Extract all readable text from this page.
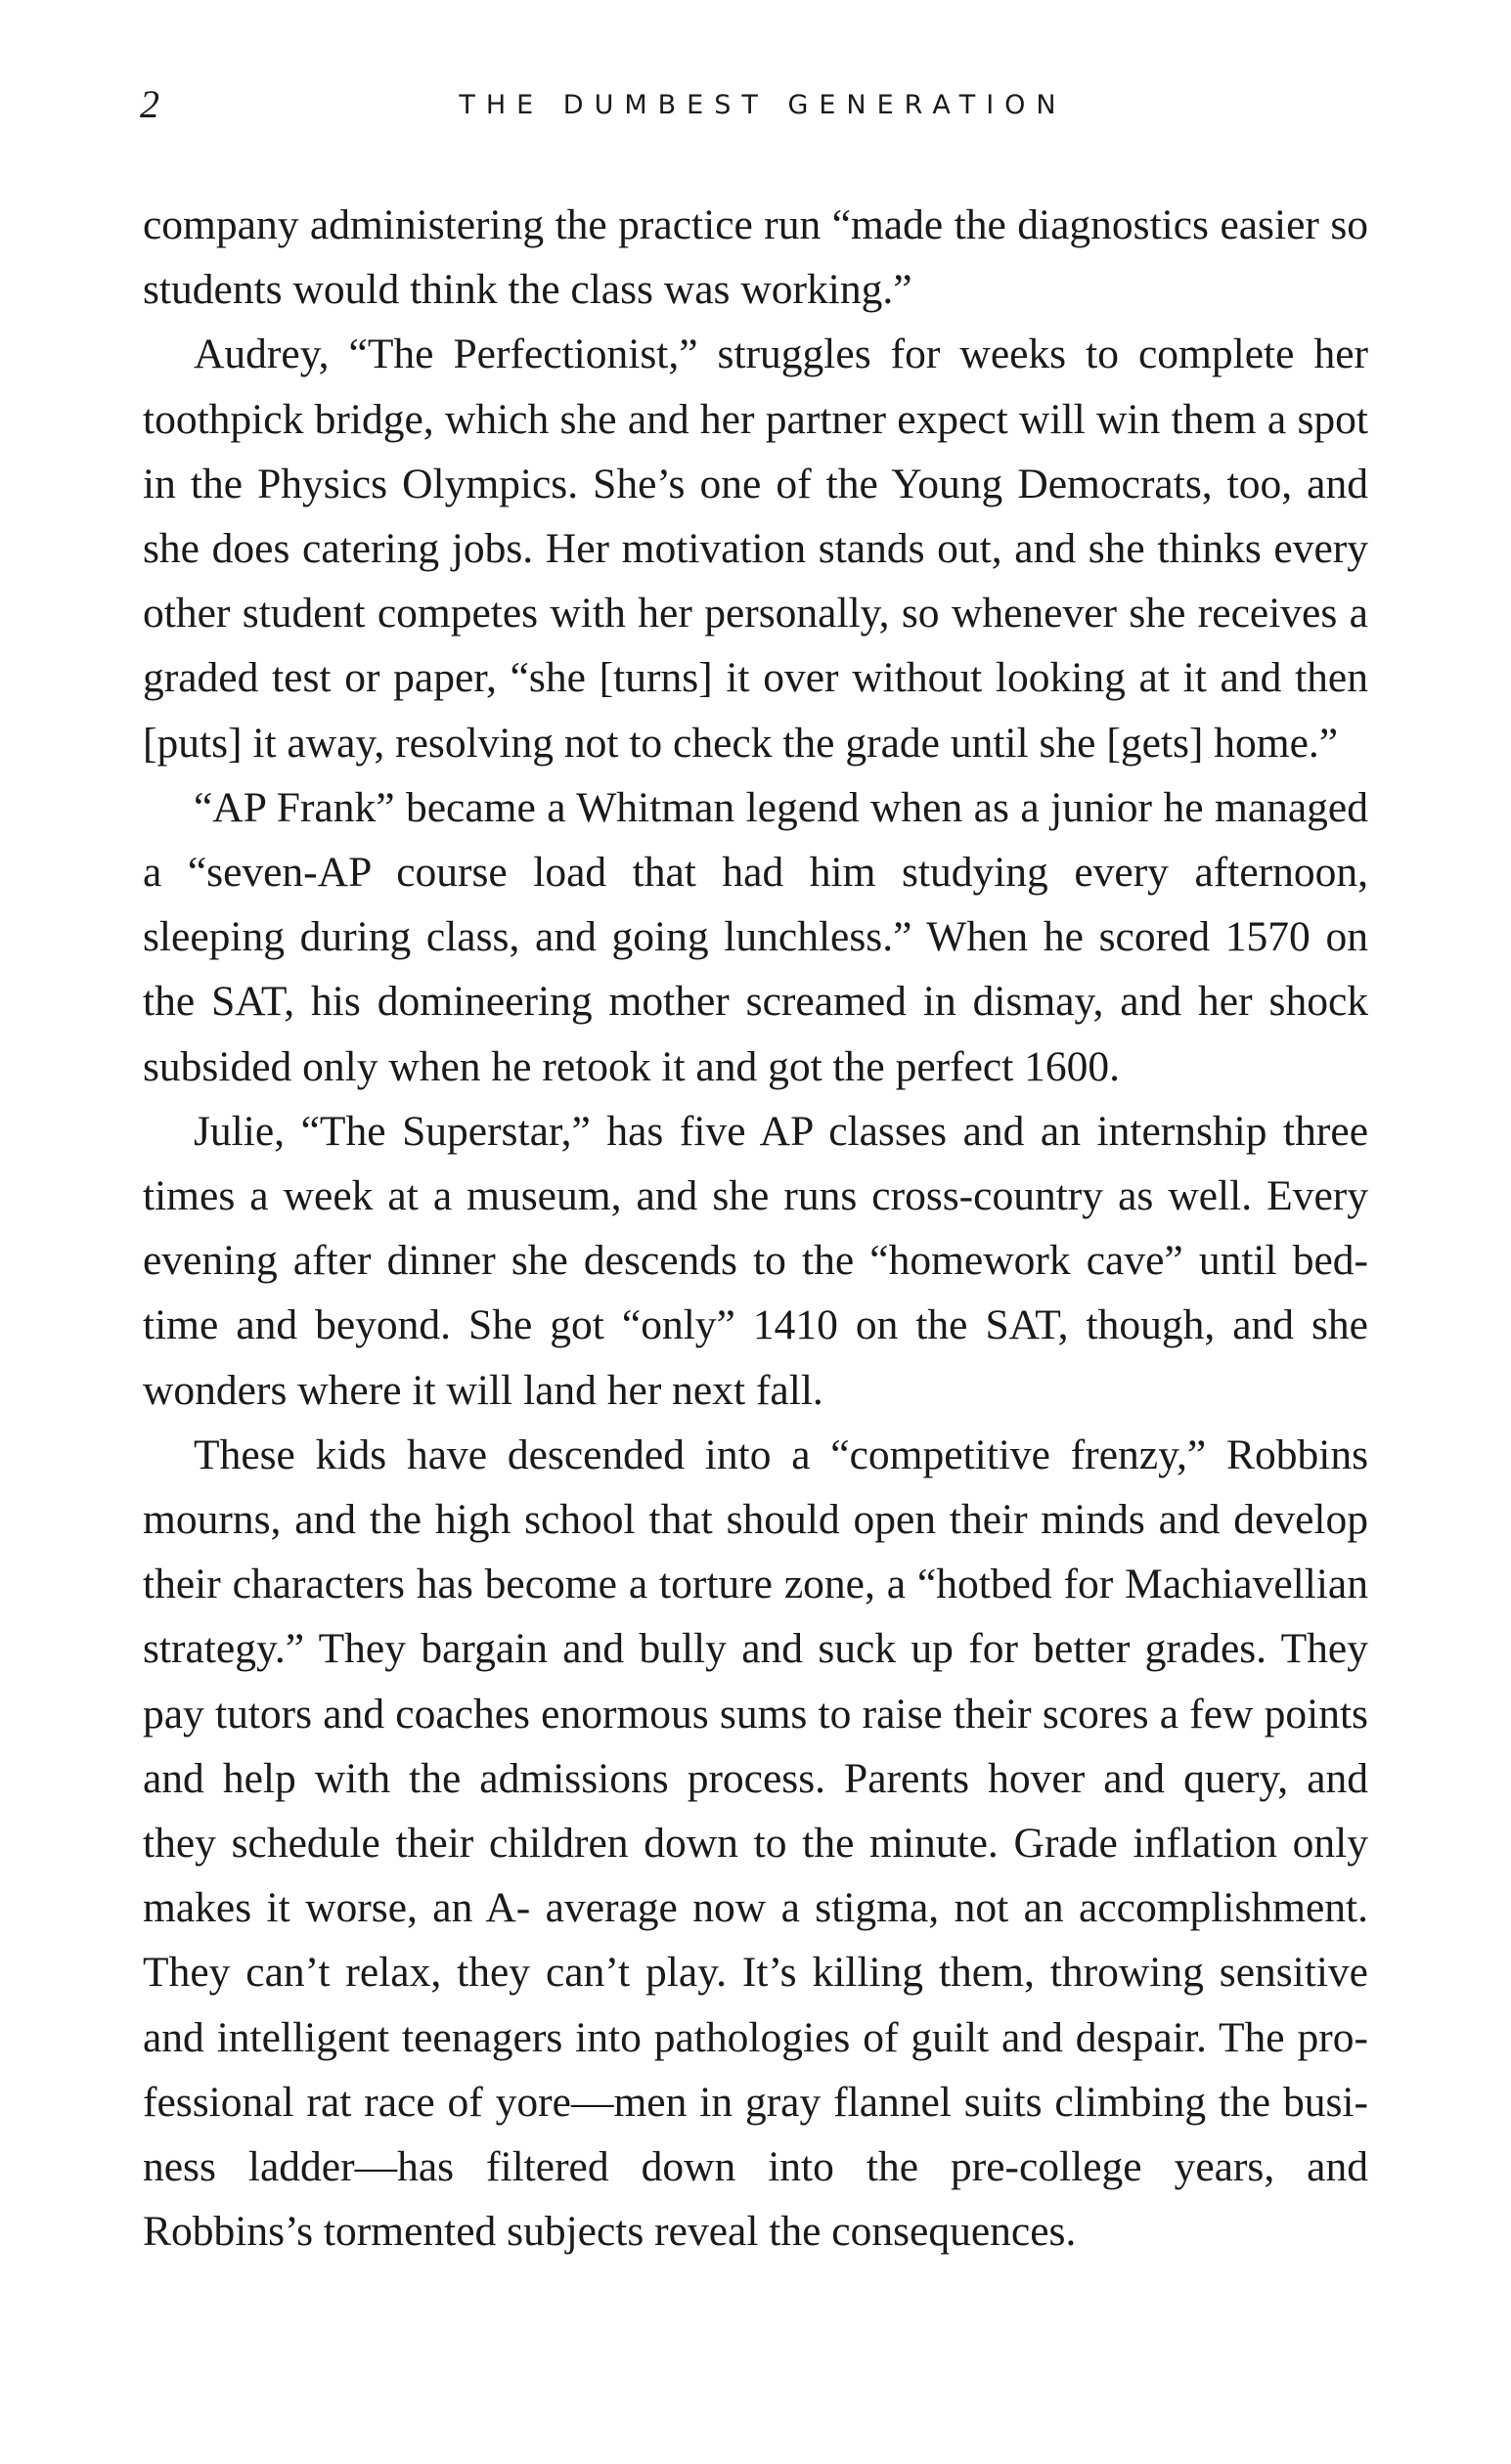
2	THE DUMBEST GENERATION

company administering the practice run “made the diagnostics easier so students would think the class was working.”

Audrey, “The Perfectionist,” struggles for weeks to complete her toothpick bridge, which she and her partner expect will win them a spot in the Physics Olympics. She’s one of the Young Democrats, too, and she does catering jobs. Her motivation stands out, and she thinks every other student competes with her personally, so whenever she receives a graded test or paper, “she [turns] it over without looking at it and then [puts] it away, resolving not to check the grade until she [gets] home.”

“AP Frank” became a Whitman legend when as a junior he managed a “seven-AP course load that had him studying every afternoon, sleeping during class, and going lunchless.” When he scored 1570 on the SAT, his domineering mother screamed in dismay, and her shock subsided only when he retook it and got the perfect 1600.

Julie, “The Superstar,” has five AP classes and an internship three times a week at a museum, and she runs cross-country as well. Every evening after dinner she descends to the “homework cave” until bedtime and beyond. She got “only” 1410 on the SAT, though, and she wonders where it will land her next fall.

These kids have descended into a “competitive frenzy,” Robbins mourns, and the high school that should open their minds and develop their characters has become a torture zone, a “hotbed for Machiavellian strategy.” They bargain and bully and suck up for better grades. They pay tutors and coaches enormous sums to raise their scores a few points and help with the admissions process. Parents hover and query, and they schedule their children down to the minute. Grade inflation only makes it worse, an A- average now a stigma, not an accomplishment. They can’t relax, they can’t play. It’s killing them, throwing sensitive and intelligent teenagers into pathologies of guilt and despair. The professional rat race of yore—men in gray flannel suits climbing the business ladder—has filtered down into the pre-college years, and Robbins’s tormented subjects reveal the consequences.
